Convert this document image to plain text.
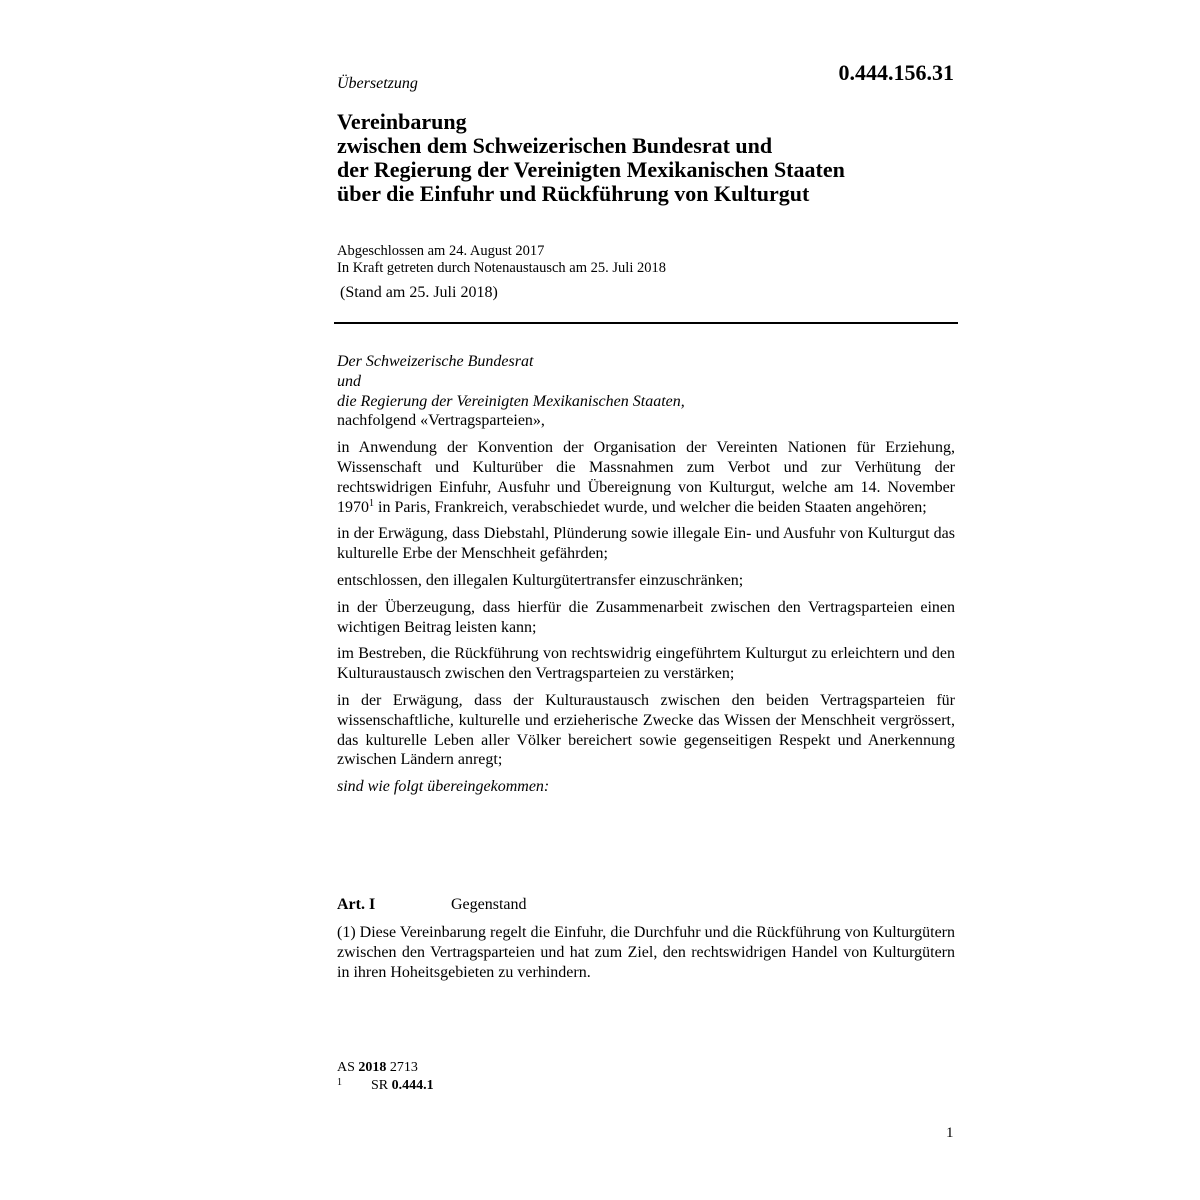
Übersetzung	0.444.156.31
Vereinbarung
zwischen dem Schweizerischen Bundesrat und
der Regierung der Vereinigten Mexikanischen Staaten
über die Einfuhr und Rückführung von Kulturgut
Abgeschlossen am 24. August 2017
In Kraft getreten durch Notenaustausch am 25. Juli 2018
(Stand am 25. Juli 2018)
Der Schweizerische Bundesrat
und
die Regierung der Vereinigten Mexikanischen Staaten,
nachfolgend «Vertragsparteien»,
in Anwendung der Konvention der Organisation der Vereinten Nationen für Erziehung, Wissenschaft und Kulturüber die Massnahmen zum Verbot und zur Verhütung der rechtswidrigen Einfuhr, Ausfuhr und Übereignung von Kulturgut, welche am 14. November 1970$^1$ in Paris, Frankreich, verabschiedet wurde, und welcher die beiden Staaten angehören;
in der Erwägung, dass Diebstahl, Plünderung sowie illegale Ein- und Ausfuhr von Kulturgut das kulturelle Erbe der Menschheit gefährden;
entschlossen, den illegalen Kulturgütertransfer einzuschränken;
in der Überzeugung, dass hierfür die Zusammenarbeit zwischen den Vertragsparteien einen wichtigen Beitrag leisten kann;
im Bestreben, die Rückführung von rechtswidrig eingeführtem Kulturgut zu erleichtern und den Kulturaustausch zwischen den Vertragsparteien zu verstärken;
in der Erwägung, dass der Kulturaustausch zwischen den beiden Vertragsparteien für wissenschaftliche, kulturelle und erzieherische Zwecke das Wissen der Menschheit vergrössert, das kulturelle Leben aller Völker bereichert sowie gegenseitigen Respekt und Anerkennung zwischen Ländern anregt;
sind wie folgt übereingekommen:
Art. I	Gegenstand
(1) Diese Vereinbarung regelt die Einfuhr, die Durchfuhr und die Rückführung von Kulturgütern zwischen den Vertragsparteien und hat zum Ziel, den rechtswidrigen Handel von Kulturgütern in ihren Hoheitsgebieten zu verhindern.
AS 2018 2713
1 SR 0.444.1
1
